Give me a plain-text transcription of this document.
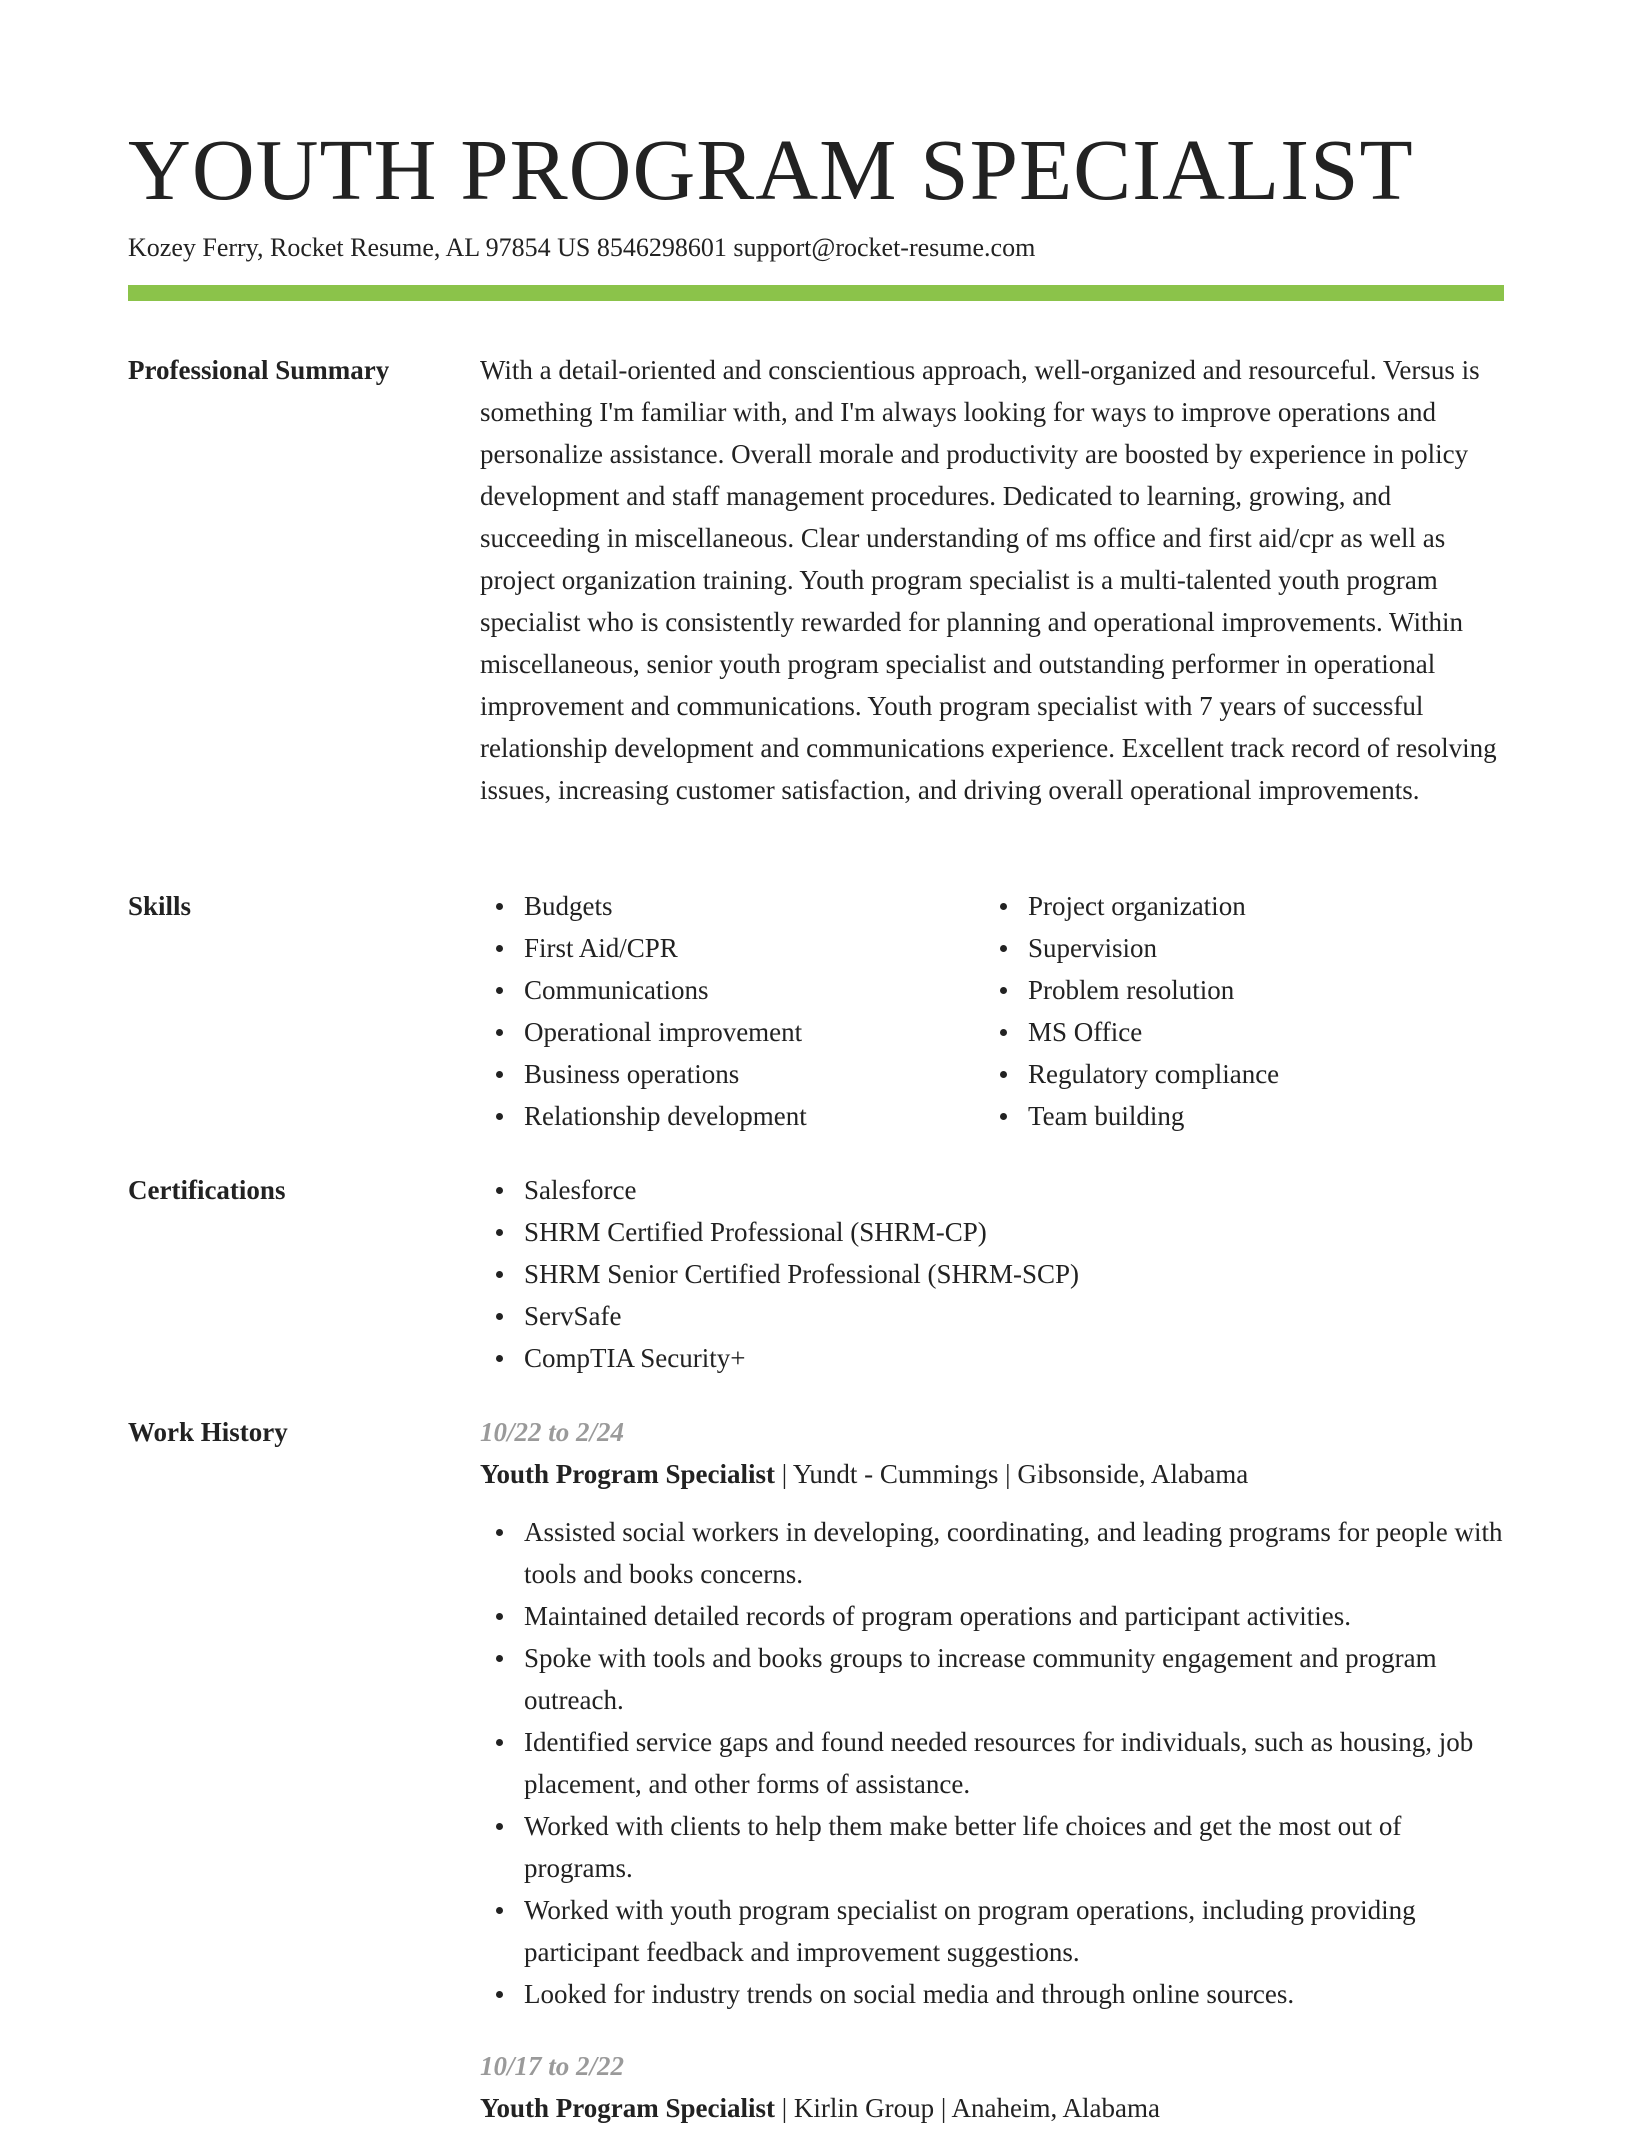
YOUTH PROGRAM SPECIALIST
Kozey Ferry, Rocket Resume, AL 97854 US 8546298601 support@rocket-resume.com
Professional Summary	With a detail-oriented and conscientious approach, well-organized and resourceful. Versus is something I'm familiar with, and I'm always looking for ways to improve operations and personalize assistance. Overall morale and productivity are boosted by experience in policy development and staff management procedures. Dedicated to learning, growing, and succeeding in miscellaneous. Clear understanding of ms office and first aid/cpr as well as project organization training. Youth program specialist is a multi-talented youth program specialist who is consistently rewarded for planning and operational improvements. Within miscellaneous, senior youth program specialist and outstanding performer in operational improvement and communications. Youth program specialist with 7 years of successful relationship development and communications experience. Excellent track record of resolving issues, increasing customer satisfaction, and driving overall operational improvements.

Skills	Budgets
First Aid/CPR
Communications
Operational improvement
Business operations
Relationship development
Project organization
Supervision
Problem resolution
MS Office
Regulatory compliance
Team building
Certifications	Salesforce
SHRM Certified Professional (SHRM-CP)
SHRM Senior Certified Professional (SHRM-SCP)
ServSafe
CompTIA Security+
Work History	10/22 to 2/24
Youth Program Specialist | Yundt - Cummings | Gibsonside, Alabama
Assisted social workers in developing, coordinating, and leading programs for people with tools and books concerns.
Maintained detailed records of program operations and participant activities.
Spoke with tools and books groups to increase community engagement and program outreach.
Identified service gaps and found needed resources for individuals, such as housing, job placement, and other forms of assistance.
Worked with clients to help them make better life choices and get the most out of programs.
Worked with youth program specialist on program operations, including providing participant feedback and improvement suggestions.
Looked for industry trends on social media and through online sources.
10/17 to 2/22
Youth Program Specialist | Kirlin Group | Anaheim, Alabama
